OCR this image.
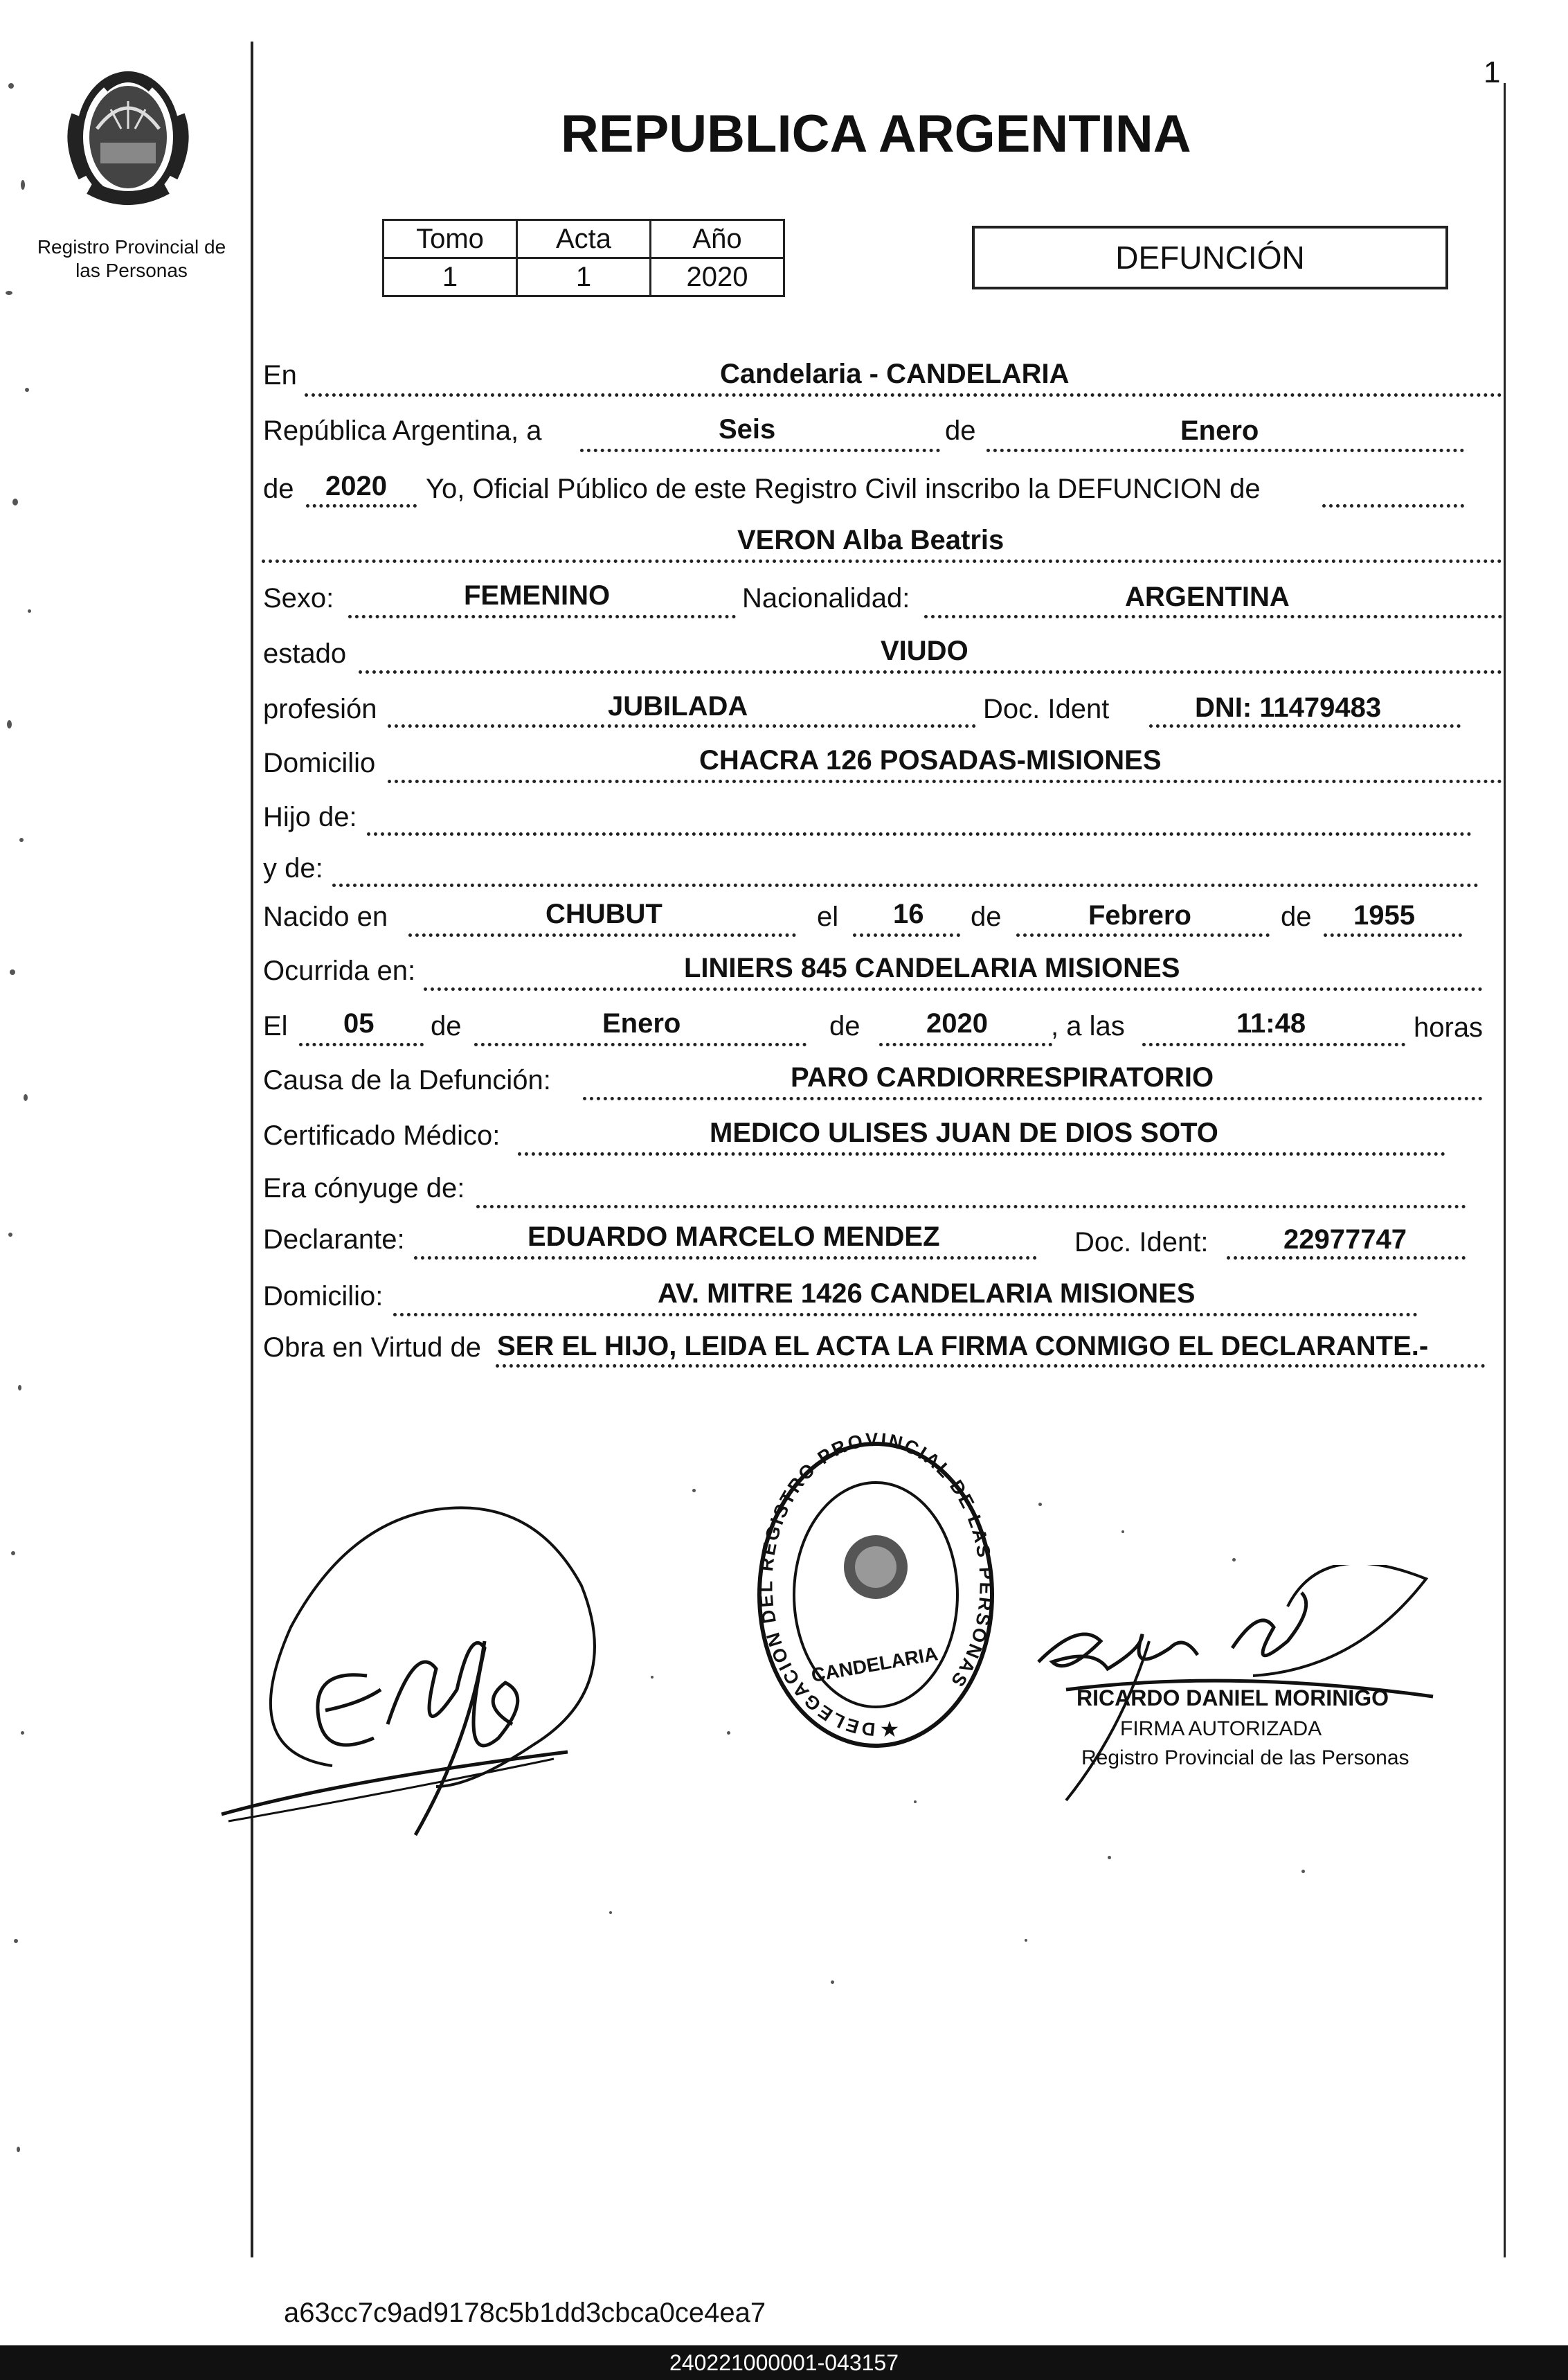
1
Registro Provincial de
las Personas
REPUBLICA ARGENTINA
Tomo	Acta	Año
1	1	2020
DEFUNCIÓN
En	Candelaria - CANDELARIA
República Argentina, a	Seis	de	Enero
de 2020 Yo, Oficial Público de este Registro Civil inscribo la DEFUNCION de
VERON Alba Beatris
Sexo:	FEMENINO	Nacionalidad:	ARGENTINA
estado	VIUDO
profesión	JUBILADA	Doc. Ident	DNI: 11479483
Domicilio	CHACRA 126 POSADAS-MISIONES
Hijo de:
y de:
Nacido en	CHUBUT	el 16 de	Febrero	de 1955
Ocurrida en:	LINIERS 845 CANDELARIA MISIONES
El 05 de	Enero	de 2020 , a las	11:48	horas
Causa de la Defunción:	PARO CARDIORRESPIRATORIO
Certificado Médico:	MEDICO ULISES JUAN DE DIOS SOTO
Era cónyuge de:
Declarante:	EDUARDO MARCELO MENDEZ	Doc. Ident:	22977747
Domicilio:	AV. MITRE 1426 CANDELARIA MISIONES
Obra en Virtud de SER EL HIJO, LEIDA EL ACTA LA FIRMA CONMIGO EL DECLARANTE.-
DELEGACION DEL REGISTRO PROVINCIAL DE LAS PERSONAS
CANDELARIA
★
RICARDO DANIEL MORINIGO
FIRMA AUTORIZADA
Registro Provincial de las Personas
a63cc7c9ad9178c5b1dd3cbca0ce4ea7
240221000001-043157
